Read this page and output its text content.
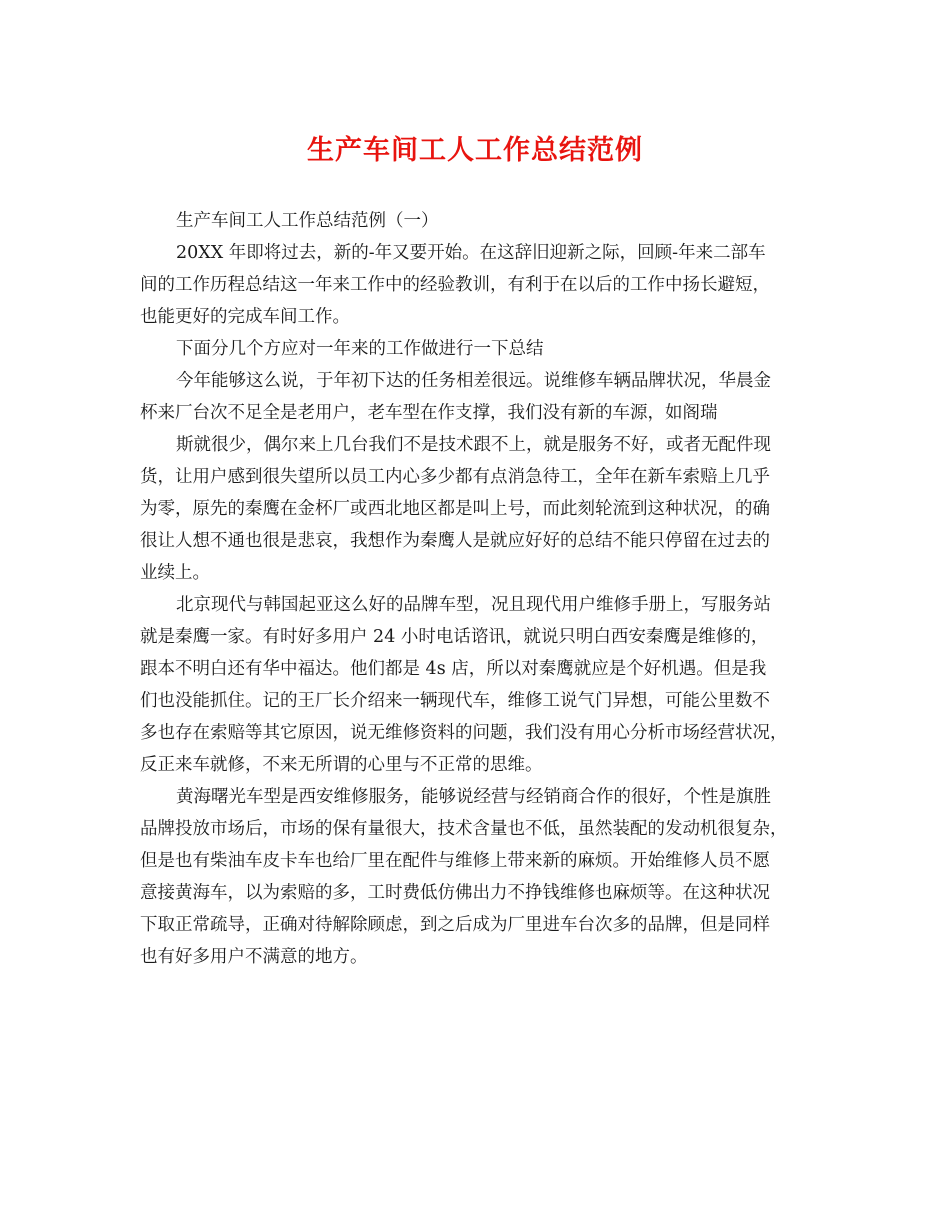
生产车间工人工作总结范例
生产车间工人工作总结范例（一）
20XX 年即将过去，新的-年又要开始。在这辞旧迎新之际，回顾-年来二部车
间的工作历程总结这一年来工作中的经验教训，有利于在以后的工作中扬长避短，
也能更好的完成车间工作。
下面分几个方应对一年来的工作做进行一下总结
今年能够这么说，于年初下达的任务相差很远。说维修车辆品牌状况，华晨金
杯来厂台次不足全是老用户，老车型在作支撑，我们没有新的车源，如阁瑞
斯就很少，偶尔来上几台我们不是技术跟不上，就是服务不好，或者无配件现
货，让用户感到很失望所以员工内心多少都有点消急待工，全年在新车索赔上几乎
为零，原先的秦鹰在金杯厂或西北地区都是叫上号，而此刻轮流到这种状况，的确
很让人想不通也很是悲哀，我想作为秦鹰人是就应好好的总结不能只停留在过去的
业续上。
北京现代与韩国起亚这么好的品牌车型，况且现代用户维修手册上，写服务站
就是秦鹰一家。有时好多用户 24 小时电话谘讯，就说只明白西安秦鹰是维修的，
跟本不明白还有华中福达。他们都是 4s 店，所以对秦鹰就应是个好机遇。但是我
们也没能抓住。记的王厂长介绍来一辆现代车，维修工说气门异想，可能公里数不
多也存在索赔等其它原因，说无维修资料的问题，我们没有用心分析市场经营状况，
反正来车就修，不来无所谓的心里与不正常的思维。
黄海曙光车型是西安维修服务，能够说经营与经销商合作的很好，个性是旗胜
品牌投放市场后，市场的保有量很大，技术含量也不低，虽然装配的发动机很复杂，
但是也有柴油车皮卡车也给厂里在配件与维修上带来新的麻烦。开始维修人员不愿
意接黄海车，以为索赔的多，工时费低仿佛出力不挣钱维修也麻烦等。在这种状况
下取正常疏导，正确对待解除顾虑，到之后成为厂里进车台次多的品牌，但是同样
也有好多用户不满意的地方。
